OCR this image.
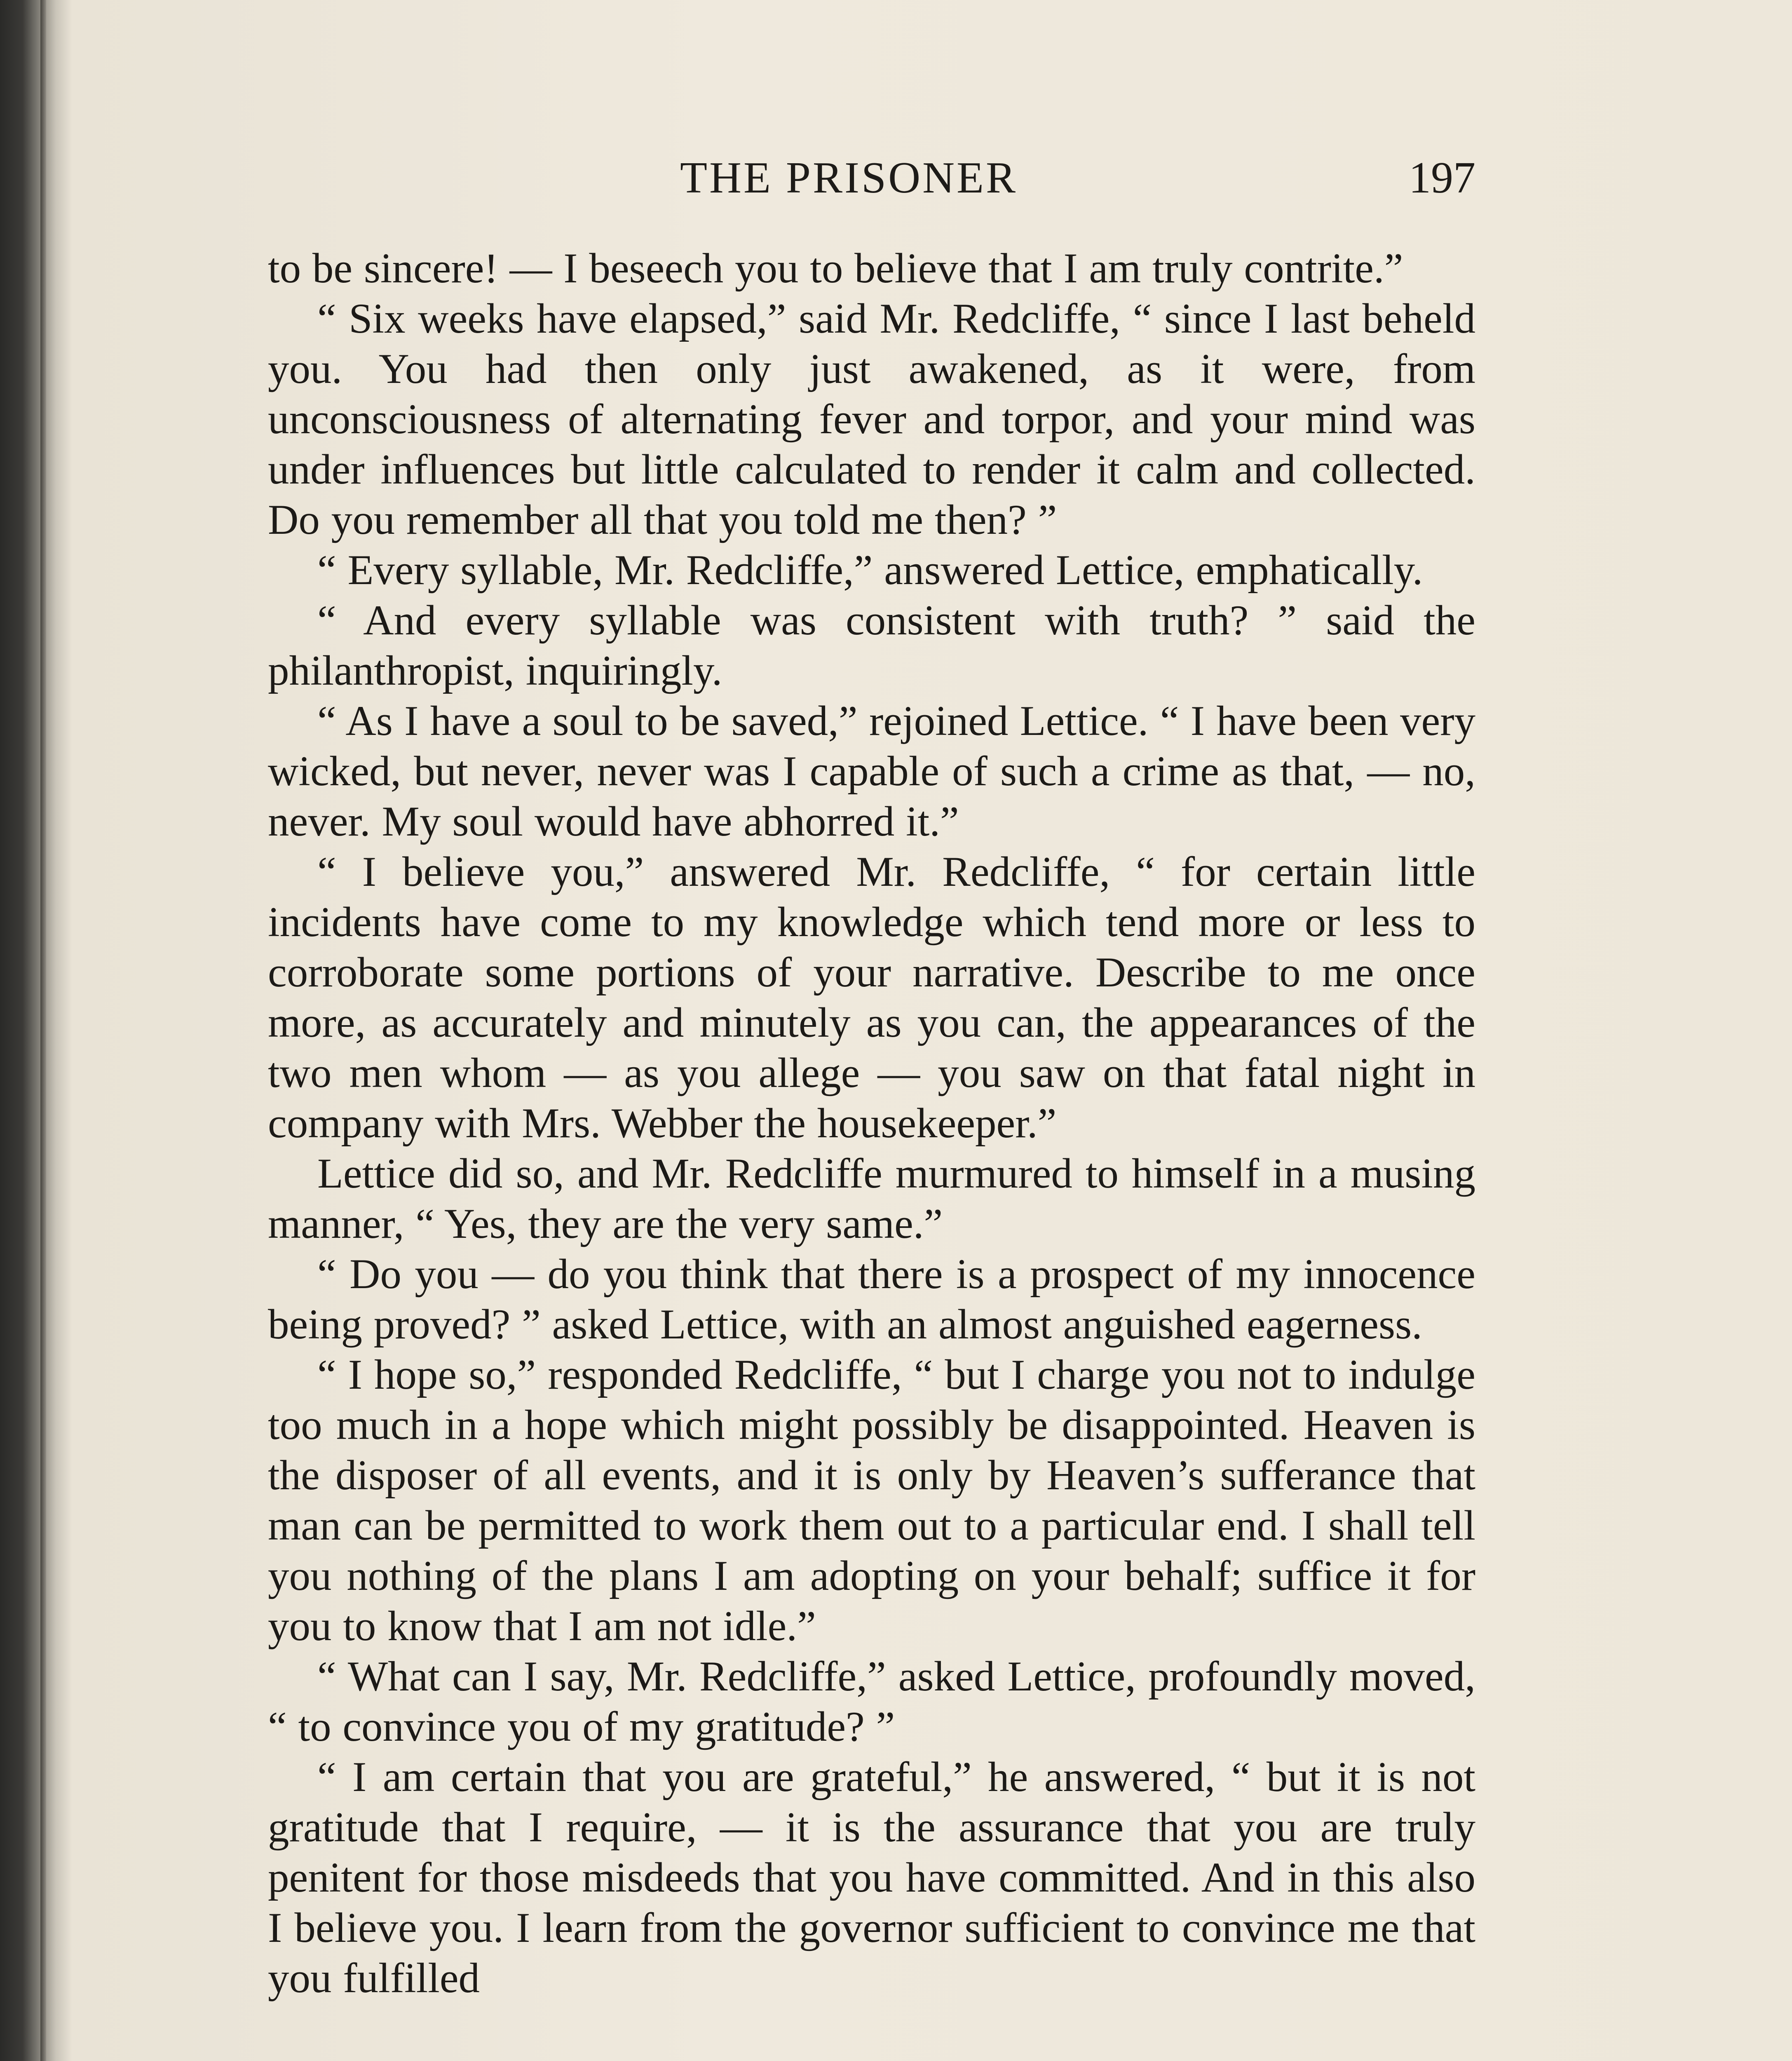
THE PRISONER	197

to be sincere! — I beseech you to believe that I am truly contrite.”

“ Six weeks have elapsed,” said Mr. Redcliffe, “ since I last beheld you. You had then only just awakened, as it were, from unconsciousness of alternating fever and torpor, and your mind was under influences but little calculated to render it calm and collected. Do you remember all that you told me then? ”

“ Every syllable, Mr. Redcliffe,” answered Lettice, emphatically.

“ And every syllable was consistent with truth? ” said the philanthropist, inquiringly.

“ As I have a soul to be saved,” rejoined Lettice. “ I have been very wicked, but never, never was I capable of such a crime as that, — no, never. My soul would have abhorred it.”

“ I believe you,” answered Mr. Redcliffe, “ for certain little incidents have come to my knowledge which tend more or less to corroborate some portions of your narrative. Describe to me once more, as accurately and minutely as you can, the appearances of the two men whom — as you allege — you saw on that fatal night in company with Mrs. Webber the housekeeper.”

Lettice did so, and Mr. Redcliffe murmured to himself in a musing manner, “ Yes, they are the very same.”

“ Do you — do you think that there is a prospect of my innocence being proved? ” asked Lettice, with an almost anguished eagerness.

“ I hope so,” responded Redcliffe, “ but I charge you not to indulge too much in a hope which might possibly be disappointed. Heaven is the disposer of all events, and it is only by Heaven’s sufferance that man can be permitted to work them out to a particular end. I shall tell you nothing of the plans I am adopting on your behalf; suffice it for you to know that I am not idle.”

“ What can I say, Mr. Redcliffe,” asked Lettice, profoundly moved, “ to convince you of my gratitude? ”

“ I am certain that you are grateful,” he answered, “ but it is not gratitude that I require, — it is the assurance that you are truly penitent for those misdeeds that you have committed. And in this also I believe you. I learn from the governor sufficient to convince me that you fulfilled
